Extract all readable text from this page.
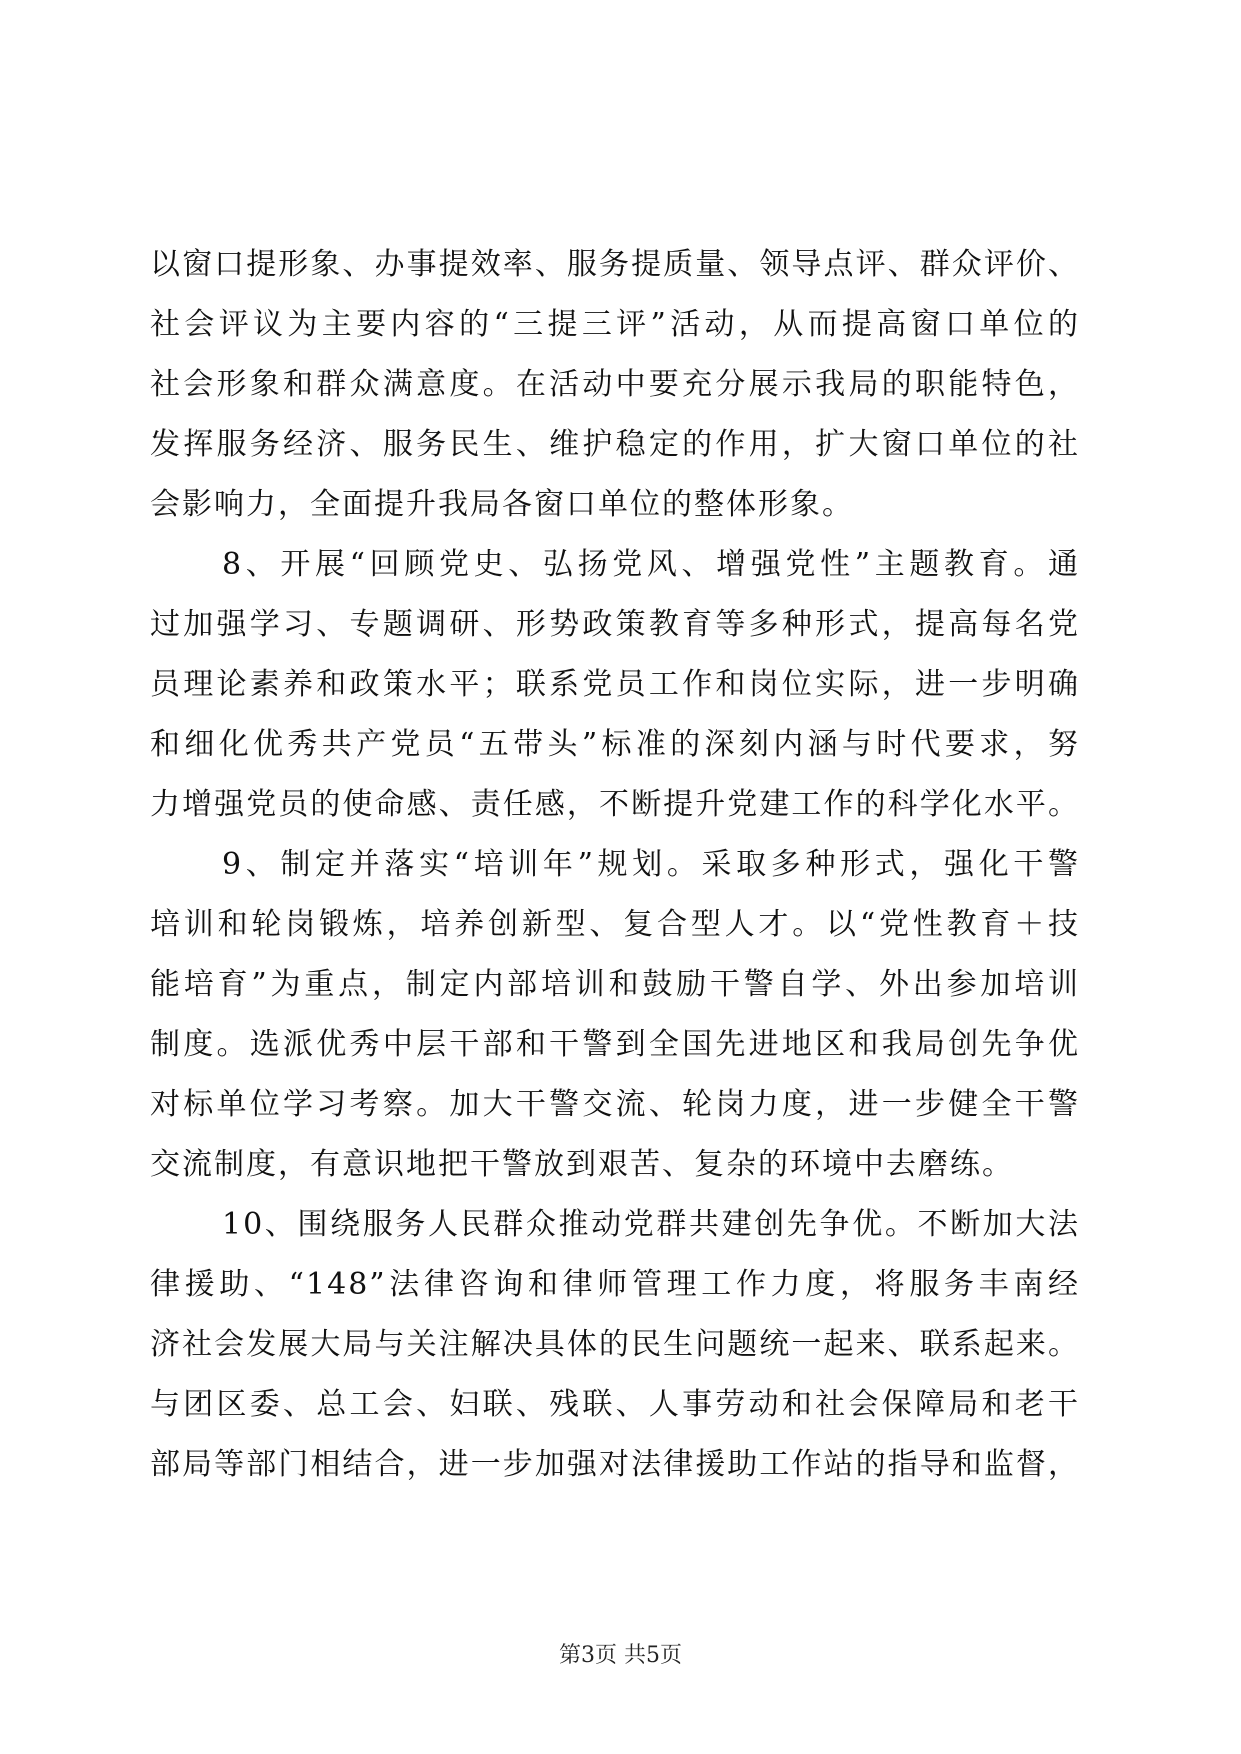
以窗口提形象、办事提效率、服务提质量、领导点评、群众评价、
社会评议为主要内容的“三提三评”活动，从而提高窗口单位的
社会形象和群众满意度。在活动中要充分展示我局的职能特色，
发挥服务经济、服务民生、维护稳定的作用，扩大窗口单位的社
会影响力，全面提升我局各窗口单位的整体形象。
8、开展“回顾党史、弘扬党风、增强党性”主题教育。通
过加强学习、专题调研、形势政策教育等多种形式，提高每名党
员理论素养和政策水平；联系党员工作和岗位实际，进一步明确
和细化优秀共产党员“五带头”标准的深刻内涵与时代要求，努
力增强党员的使命感、责任感，不断提升党建工作的科学化水平。
9、制定并落实“培训年”规划。采取多种形式，强化干警
培训和轮岗锻炼，培养创新型、复合型人才。以“党性教育＋技
能培育”为重点，制定内部培训和鼓励干警自学、外出参加培训
制度。选派优秀中层干部和干警到全国先进地区和我局创先争优
对标单位学习考察。加大干警交流、轮岗力度，进一步健全干警
交流制度，有意识地把干警放到艰苦、复杂的环境中去磨练。
10、围绕服务人民群众推动党群共建创先争优。不断加大法
律援助、“148”法律咨询和律师管理工作力度，将服务丰南经
济社会发展大局与关注解决具体的民生问题统一起来、联系起来。
与团区委、总工会、妇联、残联、人事劳动和社会保障局和老干
部局等部门相结合，进一步加强对法律援助工作站的指导和监督，
第3页 共5页
